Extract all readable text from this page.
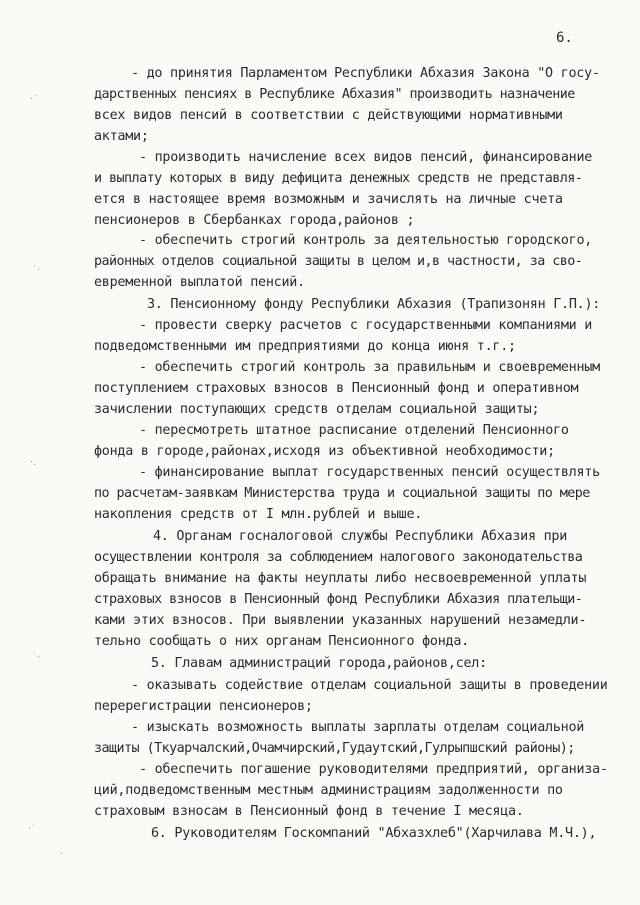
6.
- до принятия Парламентом Республики Абхазия Закона "О госу-
дарственных пенсиях в Республике Абхазия" производить назначение
всех видов пенсий в соответствии с действующими нормативными
актами;
- производить начисление всех видов пенсий, финансирование
и выплату которых в виду дефицита денежных средств не представля-
ется в настоящее время возможным и зачислять на личные счета
пенсионеров в Сбербанках города,районов ;
- обеспечить строгий контроль за деятельностью городского,
районных отделов социальной защиты в целом и,в частности, за сво-
евременной выплатой пенсий.
3. Пенсионному фонду Республики Абхазия (Трапизонян Г.П.):
- провести сверку расчетов с государственными компаниями и
подведомственными им предприятиями до конца июня т.г.;
- обеспечить строгий контроль за правильным и своевременным
поступлением страховых взносов в Пенсионный фонд и оперативном
зачислении поступающих средств отделам социальной защиты;
- пересмотреть штатное расписание отделений Пенсионного
фонда в городе,районах,исходя из объективной необходимости;
- финансирование выплат государственных пенсий осуществлять
по расчетам-заявкам Министерства труда и социальной защиты по мере
накопления средств от I млн.рублей и выше.
4. Органам госналоговой службы Республики Абхазия при
осуществлении контроля за соблюдением налогового законодательства
обращать внимание на факты неуплаты либо несвоевременной уплаты
страховых взносов в Пенсионный фонд Республики Абхазия плательщи-
ками этих взносов. При выявлении указанных нарушений незамедли-
тельно сообщать о них органам Пенсионного фонда.
5. Главам администраций города,районов,сел:
- оказывать содействие отделам социальной защиты в проведении
перерегистрации пенсионеров;
- изыскать возможность выплаты зарплаты отделам социальной
защиты (Ткуарчалский,Очамчирский,Гудаутский,Гулрыпшский районы);
- обеспечить погашение руководителями предприятий, организа-
ций,подведомственным местным администрациям задолженности по
страховым взносам в Пенсионный фонд в течение I месяца.
6. Руководителям Госкомпаний "Абхазхлеб"(Харчилава М.Ч.),
·˙
˙·
·.
˙·
·˙
.
